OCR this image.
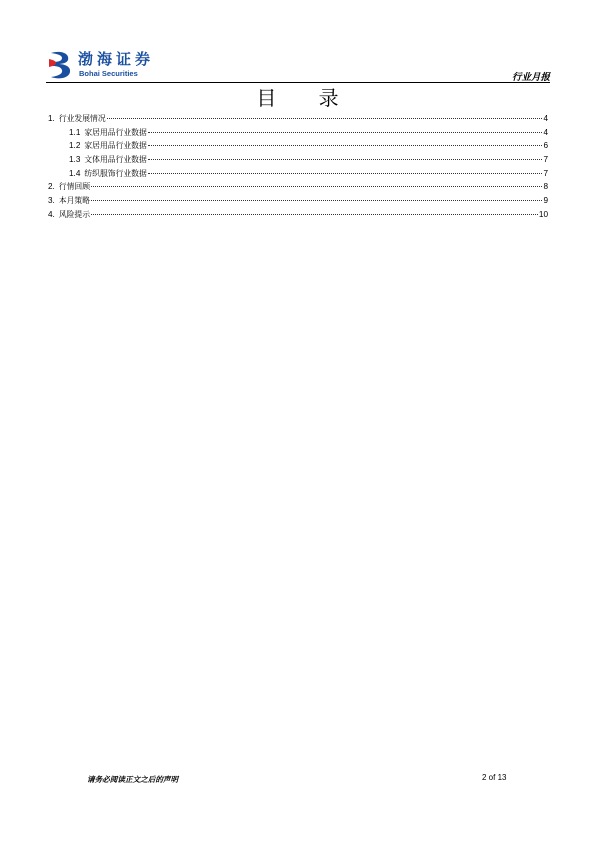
渤海证券
Bohai Securities	行业月报
目 录
1. 行业发展情况	4
1.1 家居用品行业数据	4
1.2 家居用品行业数据	6
1.3 文体用品行业数据	7
1.4 纺织服饰行业数据	7
2. 行情回顾	8
3. 本月策略	9
4. 风险提示	10
请务必阅读正文之后的声明	2 of 13
